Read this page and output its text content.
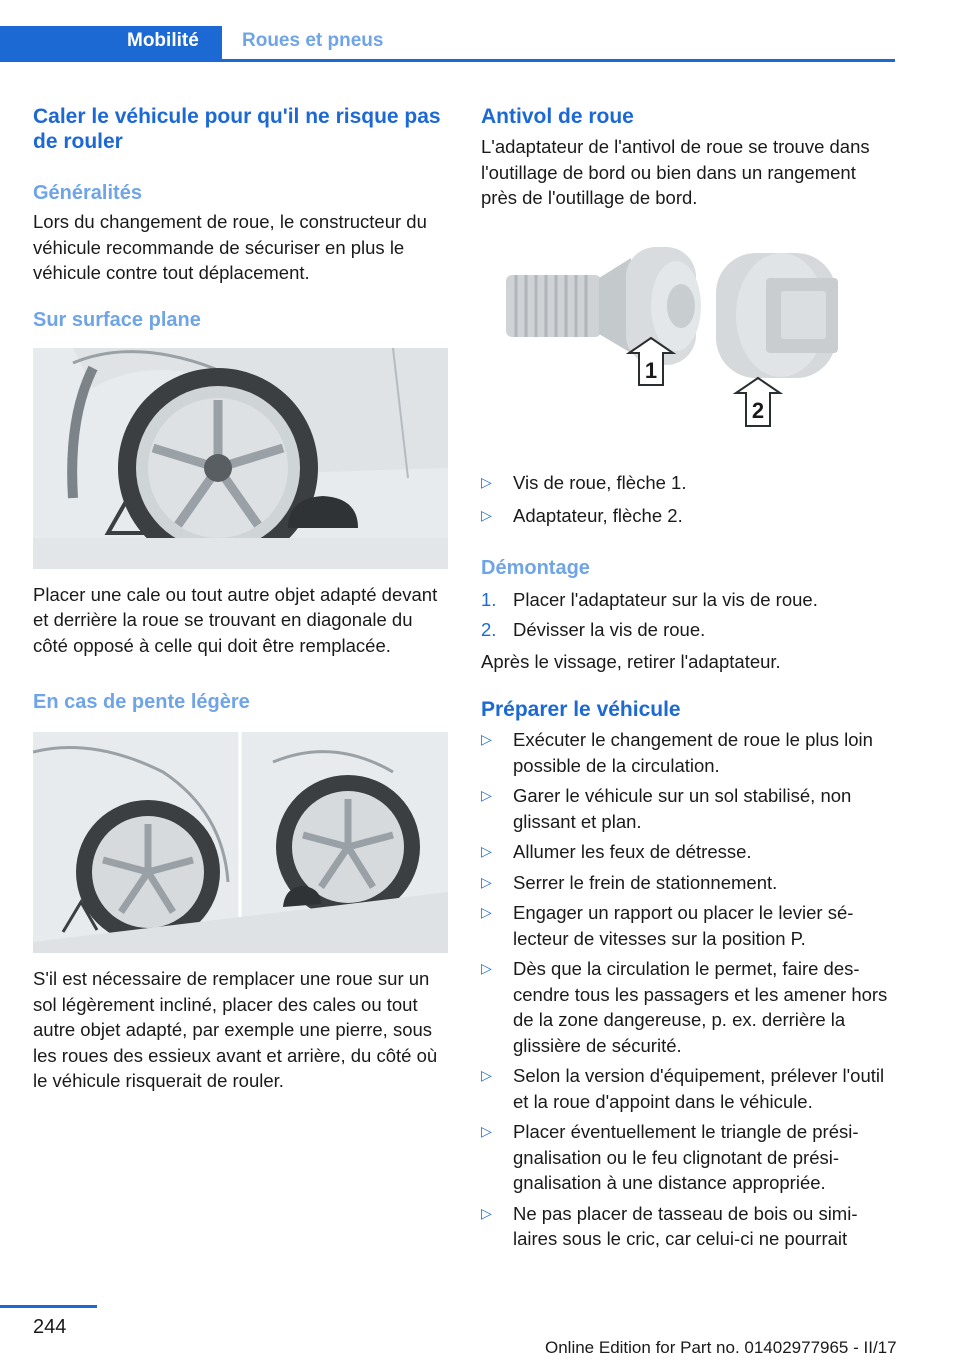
Mobilité	Roues et pneus
Caler le véhicule pour qu'il ne risque pas de rouler
Généralités

Lors du changement de roue, le constructeur du véhicule recommande de sécuriser en plus le véhicule contre tout déplacement.

Sur surface plane

Placer une cale ou tout autre objet adapté devant et derrière la roue se trouvant en diagonale du côté opposé à celle qui doit être remplacée.

En cas de pente légère

S'il est nécessaire de remplacer une roue sur un sol légèrement incliné, placer des cales ou tout autre objet adapté, par exemple une pierre, sous les roues des essieux avant et arrière, du côté où le véhicule risquerait de rouler.

Antivol de roue

L'adaptateur de l'antivol de roue se trouve dans l'outillage de bord ou bien dans un rangement près de l'outillage de bord.

1
2
▷ Vis de roue, flèche 1.
▷ Adaptateur, flèche 2.
Démontage
1. Placer l'adaptateur sur la vis de roue.
2. Dévisser la vis de roue.

Après le vissage, retirer l'adaptateur.

Préparer le véhicule
▷ Exécuter le changement de roue le plus loin possible de la circulation.
▷ Garer le véhicule sur un sol stabilisé, non glissant et plan.
▷ Allumer les feux de détresse.
▷ Serrer le frein de stationnement.
▷ Engager un rapport ou placer le levier sélecteur de vitesses sur la position P.
▷ Dès que la circulation le permet, faire descendre tous les passagers et les amener hors de la zone dangereuse, p. ex. derrière la glissière de sécurité.
▷ Selon la version d'équipement, prélever l'outil et la roue d'appoint dans le véhicule.
▷ Placer éventuellement le triangle de présignalisation ou le feu clignotant de présignalisation à une distance appropriée.
▷ Ne pas placer de tasseau de bois ou similaires sous le cric, car celui-ci ne pourrait
244
Online Edition for Part no. 01402977965 - II/17
